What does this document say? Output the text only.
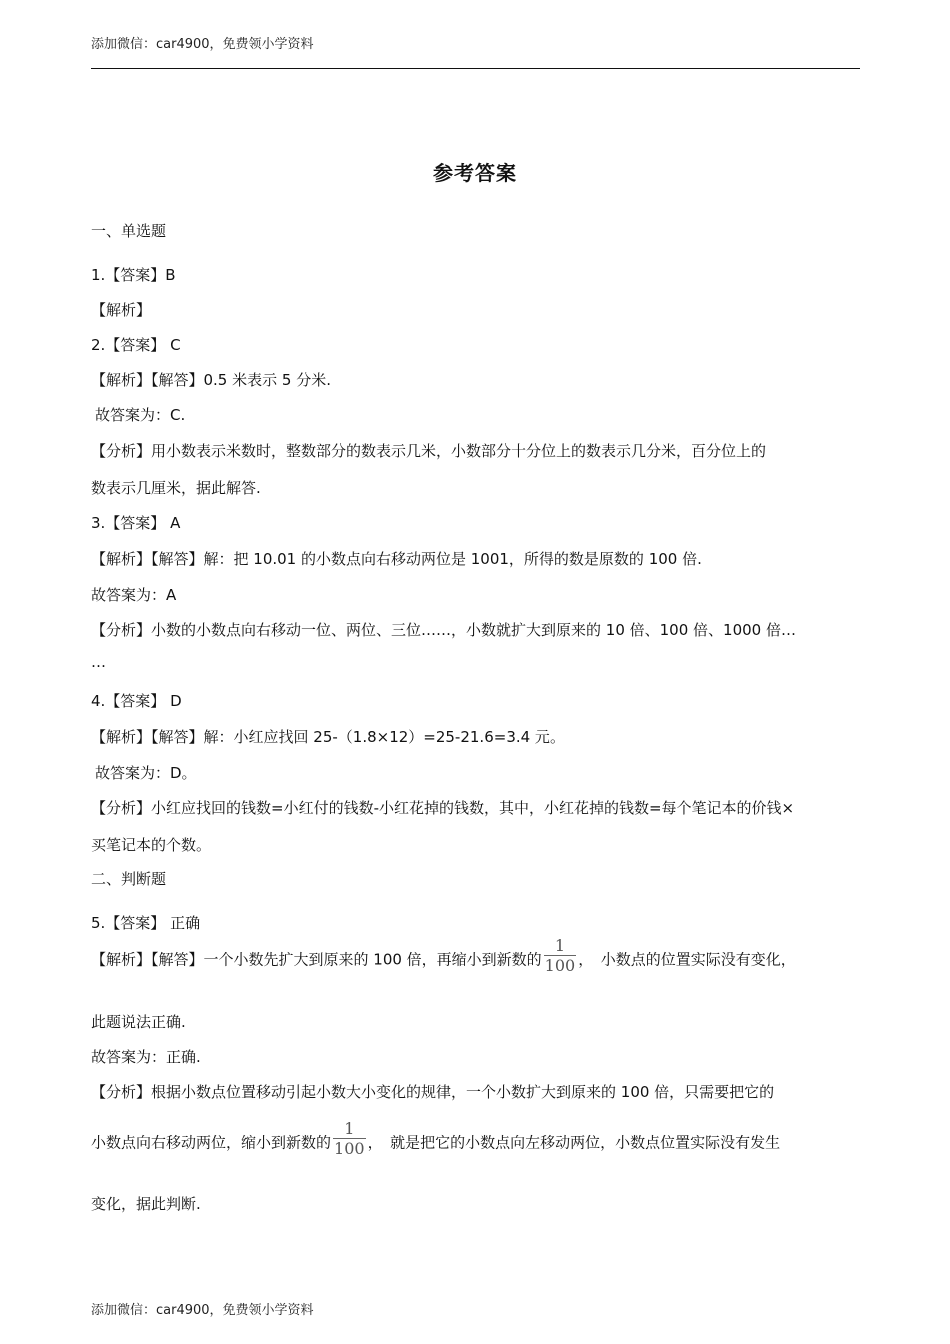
添加微信：car4900，免费领小学资料
参考答案
一、单选题
1.【答案】B
【解析】
2.【答案】 C
【解析】【解答】0.5 米表示 5 分米.
故答案为：C.
【分析】用小数表示米数时，整数部分的数表示几米，小数部分十分位上的数表示几分米，百分位上的
数表示几厘米，据此解答.
3.【答案】 A
【解析】【解答】解：把 10.01 的小数点向右移动两位是 1001，所得的数是原数的 100 倍.
故答案为：A
【分析】小数的小数点向右移动一位、两位、三位……，小数就扩大到原来的 10 倍、100 倍、1000 倍…
…
4.【答案】 D
【解析】【解答】解：小红应找回 25-（1.8×12）=25-21.6=3.4 元。
故答案为：D。
【分析】小红应找回的钱数=小红付的钱数-小红花掉的钱数，其中，小红花掉的钱数=每个笔记本的价钱×
买笔记本的个数。
二、判断题
5.【答案】 正确
【解析】【解答】一个小数先扩大到原来的 100 倍，再缩小到新数的 $\frac{1}{100}$ ，　小数点的位置实际没有变化，
此题说法正确.
故答案为：正确.
【分析】根据小数点位置移动引起小数大小变化的规律，一个小数扩大到原来的 100 倍，只需要把它的
小数点向右移动两位，缩小到新数的 $\frac{1}{100}$ ，　就是把它的小数点向左移动两位，小数点位置实际没有发生
变化，据此判断.
添加微信：car4900，免费领小学资料
